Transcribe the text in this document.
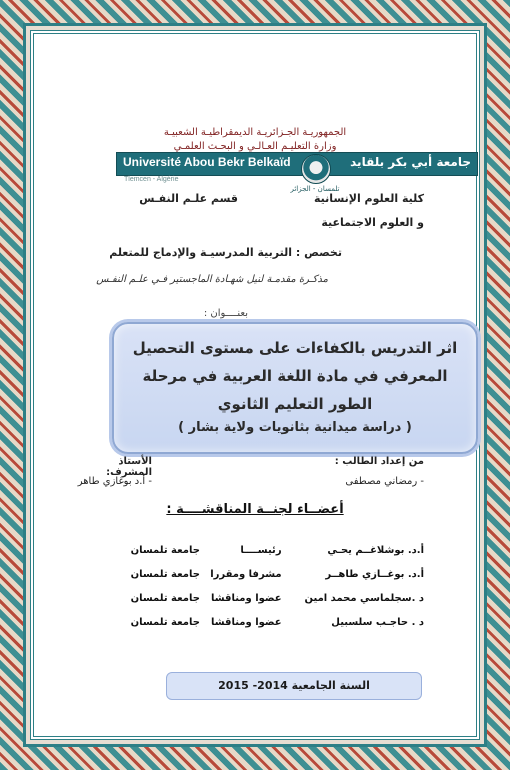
الجمهوريـة الجـزائريـة الديمقراطيـة الشعبيـة
وزارة التعليـم العـالـي و البحـث العلمـي
Université Abou Bekr Belkaïd	جامعة أبي بكر بلقايد
تلمسان - الجزائر
Tlemcen - Algérie
كلية العلوم الإنسانية
قسم علـم النفـس
و العلوم الاجتماعية
تخصص : التربية المدرسيـة والإدماج للمتعلم
مذكـرة مقدمـة لنيل شهـادة الماجستير فـي علـم النفـس
بعنــــوان :
اثر التدريس بالكفاءات على مستوى التحصيل المعرفي في مادة اللغة العربية في مرحلة الطور التعليم الثانوي
( دراسة ميدانية بثانويات ولاية بشار )
من إعداد الطالب :
- رمضاني مصطفى
الأستاذ المشرف:
- أ.د بوغازي طاهر
أعضــاء لجنــة المناقشــــة :
أ.د. بوشلاغــم يحـي
رئيســــا
جامعة تلمسان
أ.د. بوغــازي طاهــر
مشرفا ومقررا
جامعة تلمسان
د .سجلماسي محمد امين
عضوا ومناقشا
جامعة تلمسان
د . حاجـب سلسبيل
عضوا ومناقشا
جامعة تلمسان
السنة الجامعية 2014- 2015
